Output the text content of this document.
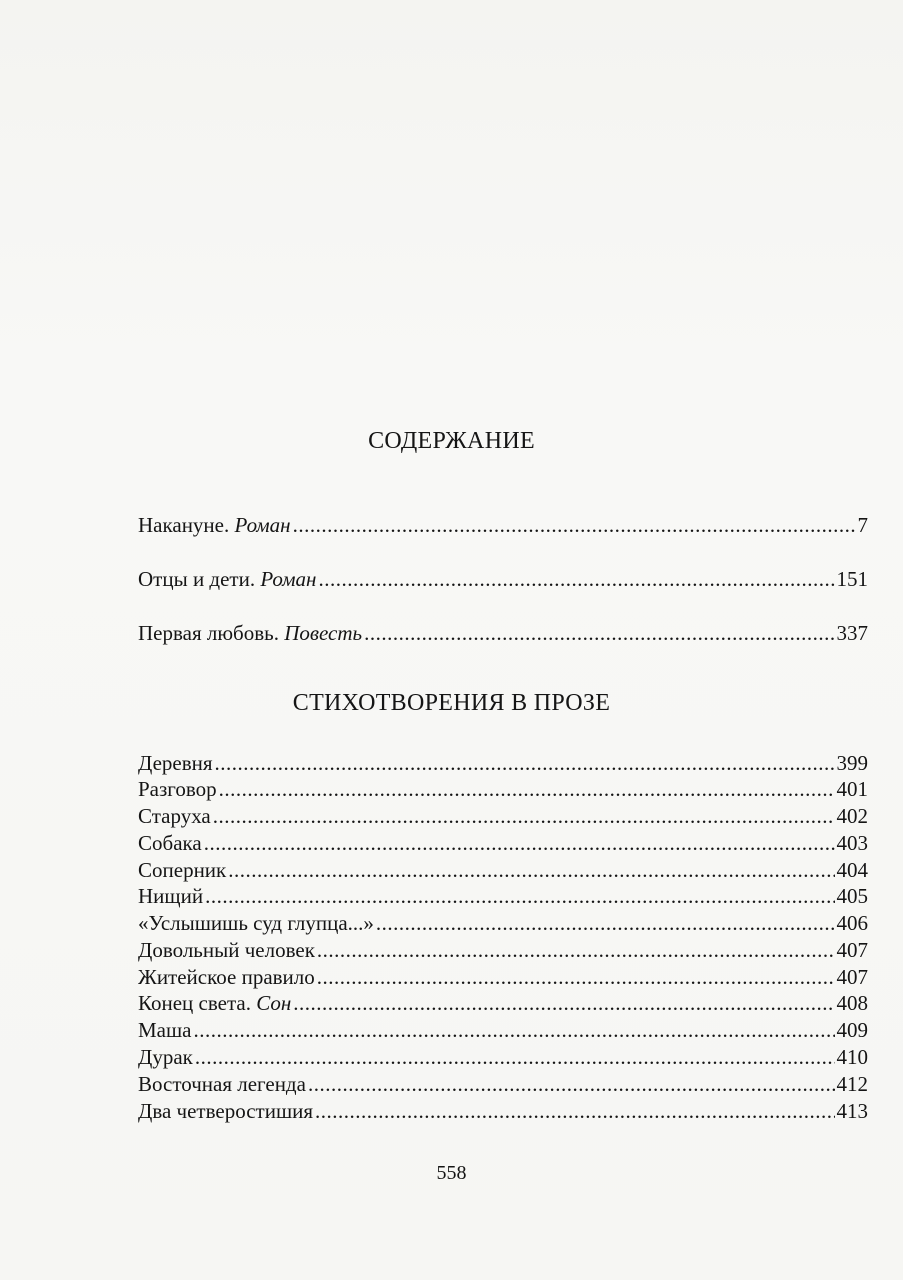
СОДЕРЖАНИЕ
Накануне. Роман .....	7
Отцы и дети. Роман .....	151
Первая любовь. Повесть .....	337
СТИХОТВОРЕНИЯ В ПРОЗЕ
Деревня .....	399
Разговор .....	401
Старуха .....	402
Собака .....	403
Соперник .....	404
Нищий .....	405
«Услышишь суд глупца...» .....	406
Довольный человек .....	407
Житейское правило .....	407
Конец света. Сон .....	408
Маша .....	409
Дурак .....	410
Восточная легенда .....	412
Два четверостишия .....	413
558
